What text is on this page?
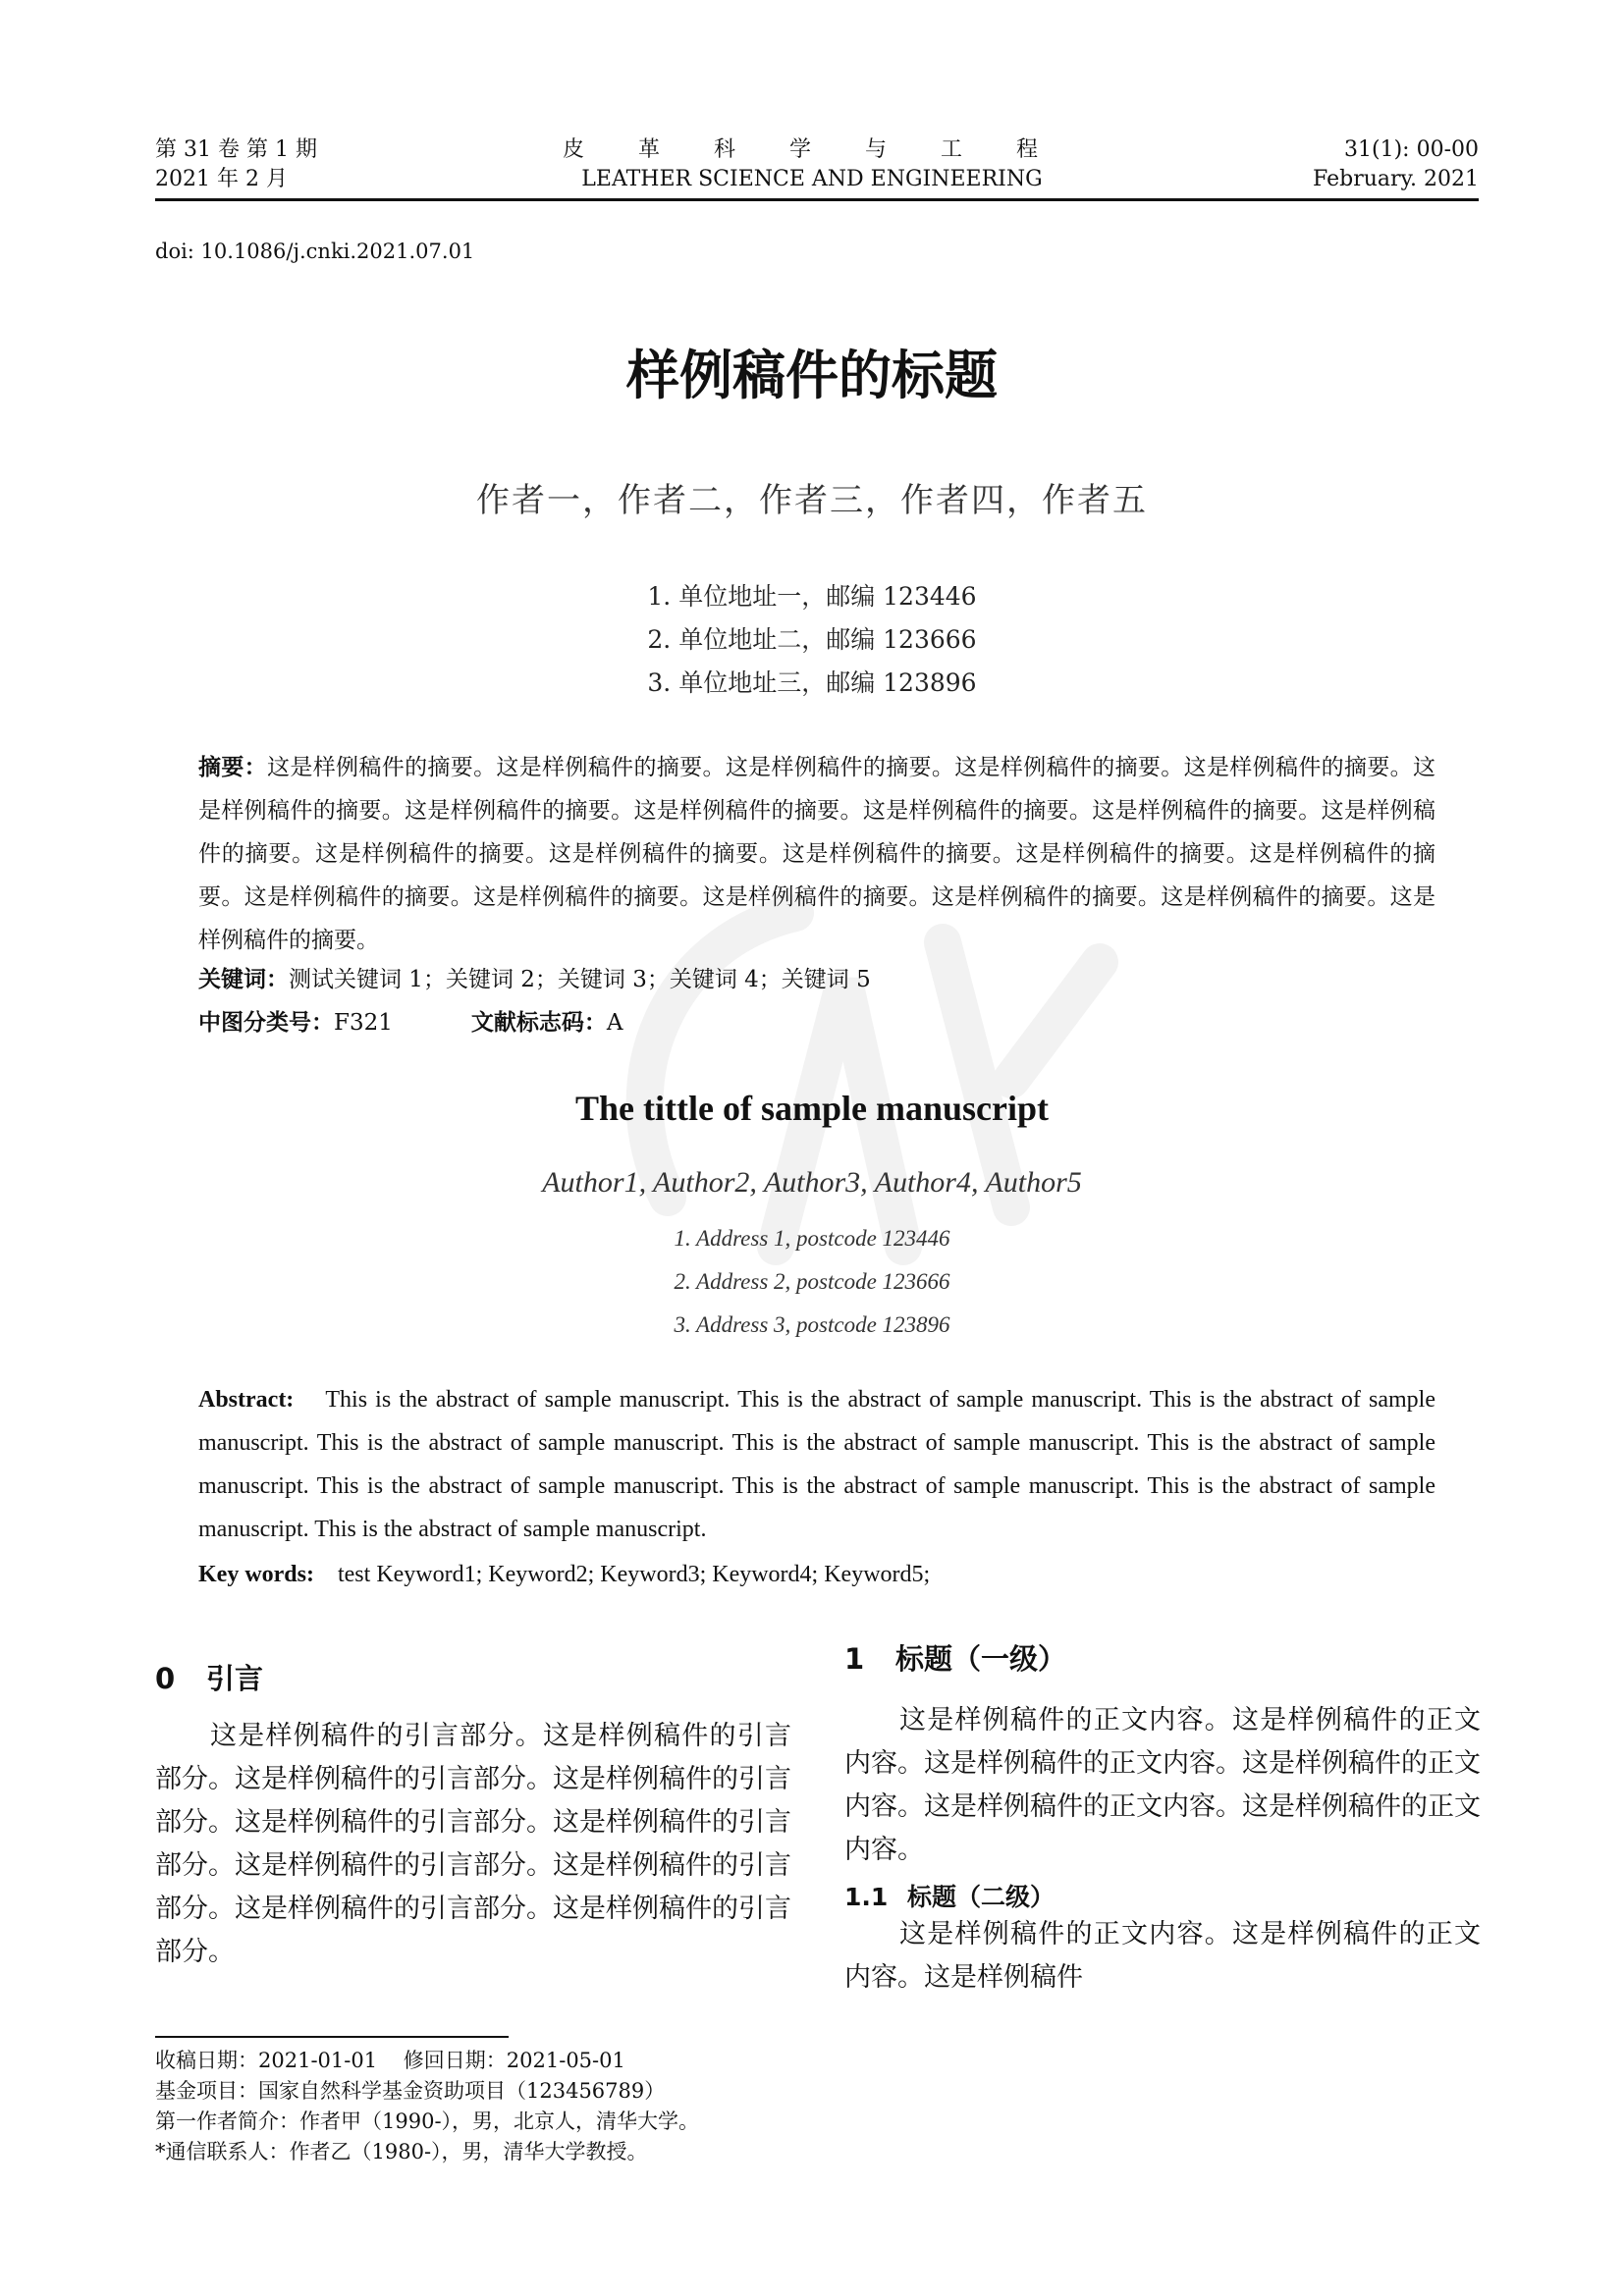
第 31 卷 第 1 期
2021 年 2 月
皮 革 科 学 与 工 程
LEATHER SCIENCE AND ENGINEERING
31(1): 00-00
February. 2021
doi: 10.1086/j.cnki.2021.07.01
样例稿件的标题
作者一，作者二，作者三，作者四，作者五
1. 单位地址一，邮编 123446
2. 单位地址二，邮编 123666
3. 单位地址三，邮编 123896
摘要：这是样例稿件的摘要。这是样例稿件的摘要。这是样例稿件的摘要。这是样例稿件的摘要。这是样例稿件的摘要。这是样例稿件的摘要。这是样例稿件的摘要。这是样例稿件的摘要。这是样例稿件的摘要。这是样例稿件的摘要。这是样例稿件的摘要。这是样例稿件的摘要。这是样例稿件的摘要。这是样例稿件的摘要。这是样例稿件的摘要。这是样例稿件的摘要。这是样例稿件的摘要。这是样例稿件的摘要。这是样例稿件的摘要。这是样例稿件的摘要。这是样例稿件的摘要。这是样例稿件的摘要。
关键词：测试关键词 1；关键词 2；关键词 3；关键词 4；关键词 5
中图分类号：F321	文献标志码：A
The tittle of sample manuscript
Author1, Author2, Author3, Author4, Author5
1. Address 1, postcode 123446
2. Address 2, postcode 123666
3. Address 3, postcode 123896
Abstract: This is the abstract of sample manuscript. This is the abstract of sample manuscript. This is the abstract of sample manuscript. This is the abstract of sample manuscript. This is the abstract of sample manuscript. This is the abstract of sample manuscript. This is the abstract of sample manuscript. This is the abstract of sample manuscript. This is the abstract of sample manuscript. This is the abstract of sample manuscript.
Key words: test Keyword1; Keyword2; Keyword3; Keyword4; Keyword5;
0 引言

这是样例稿件的引言部分。这是样例稿件的引言部分。这是样例稿件的引言部分。这是样例稿件的引言部分。这是样例稿件的引言部分。这是样例稿件的引言部分。这是样例稿件的引言部分。这是样例稿件的引言部分。这是样例稿件的引言部分。这是样例稿件的引言部分。

1 标题（一级）

这是样例稿件的正文内容。这是样例稿件的正文内容。这是样例稿件的正文内容。这是样例稿件的正文内容。这是样例稿件的正文内容。这是样例稿件的正文内容。

1.1 标题（二级）

这是样例稿件的正文内容。这是样例稿件的正文内容。这是样例稿件

收稿日期：2021-01-01 修回日期：2021-05-01
基金项目：国家自然科学基金资助项目（123456789）
第一作者简介：作者甲（1990-），男，北京人，清华大学。
*通信联系人：作者乙（1980-），男，清华大学教授。
